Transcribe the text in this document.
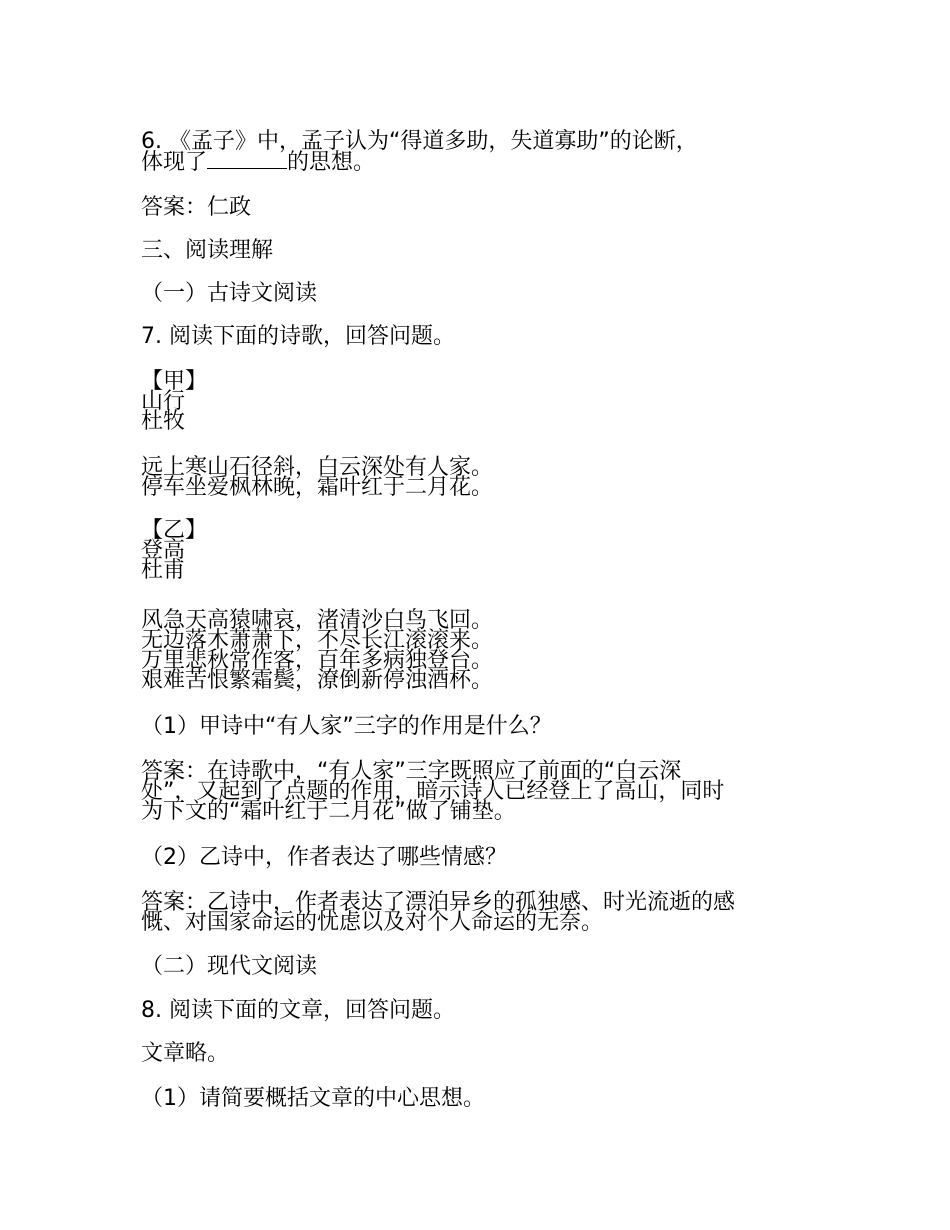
6. 《孟子》中，孟子认为“得道多助，失道寡助”的论断，
体现了	的思想。
答案：仁政
三、阅读理解
（一）古诗文阅读
7. 阅读下面的诗歌，回答问题。
【甲】
山行
杜牧
远上寒山石径斜，白云深处有人家。
停车坐爱枫林晚，霜叶红于二月花。
【乙】
登高
杜甫
风急天高猿啸哀，渚清沙白鸟飞回。
无边落木萧萧下，不尽长江滚滚来。
万里悲秋常作客，百年多病独登台。
艰难苦恨繁霜鬓，潦倒新停浊酒杯。
（1）甲诗中“有人家”三字的作用是什么？
答案：在诗歌中，“有人家”三字既照应了前面的“白云深
处”，又起到了点题的作用，暗示诗人已经登上了高山，同时
为下文的“霜叶红于二月花”做了铺垫。
（2）乙诗中，作者表达了哪些情感？
答案：乙诗中，作者表达了漂泊异乡的孤独感、时光流逝的感
慨、对国家命运的忧虑以及对个人命运的无奈。
（二）现代文阅读
8. 阅读下面的文章，回答问题。
文章略。
（1）请简要概括文章的中心思想。
